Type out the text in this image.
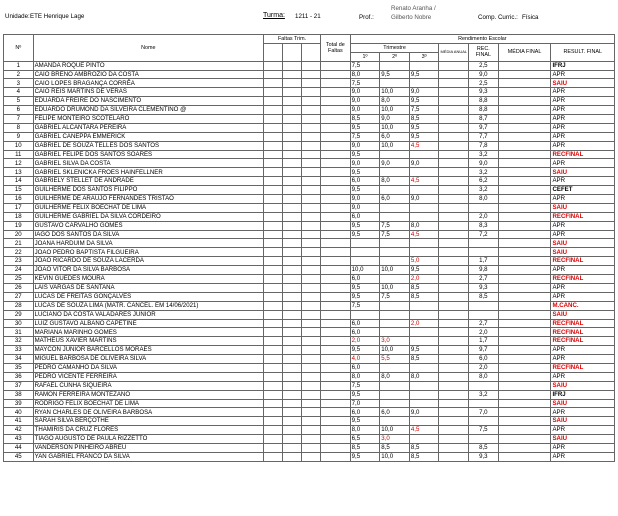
Unidade: ETE Henrique Lage	Turma: 1211 - 21	Prof.:
Renato Aranha /
Gilberto Nobre	Comp. Curric.: Física
Nº	Nome	Faltas Trim.			Total de
Faltas	Rendimento Escolar						
						Trimestre			MÉDIA ANUAL	REC.
FINAL	MÉDIA FINAL	RESULT. FINAL
						1º	2º	3º				
1	AMANDA ROQUE PINTO					7,5				2,5		IFRJ
2	CAIO BRENO AMBROZIO DA COSTA					8,0	9,5	9,5		9,0		APR
3	CAIO LOPES BRAGANÇA CORRÊA					7,5				2,5		SAIU
4	CAIO REIS MARTINS DE VERAS					9,0	10,0	9,0		9,3		APR
5	EDUARDA FREIRE DO NASCIMENTO					9,0	8,0	9,5		8,8		APR
6	EDUARDO DRUMOND DA SILVEIRA CLEMENTINO @					9,0	10,0	7,5		8,8		APR
7	FELIPE MONTEIRO SCOTELARO					8,5	9,0	8,5		8,7		APR
8	GABRIEL ALCANTARA PEREIRA					9,5	10,0	9,5		9,7		APR
9	GABRIEL CANEPPA EMMERICK					7,5	6,0	9,5		7,7		APR
10	GABRIEL DE SOUZA TELLES DOS SANTOS					9,0	10,0	4,5		7,8		APR
11	GABRIEL FELIPE DOS SANTOS SOARES					9,5				3,2		RECFINAL
12	GABRIEL SILVA DA COSTA					9,0	9,0	9,0		9,0		APR
13	GABRIEL SKLENICKA FROES HAINFELLNER					9,5				3,2		SAIU
14	GABRIELY STELLET DE ANDRADE					6,0	8,0	4,5		6,2		APR
15	GUILHERME DOS SANTOS FILIPPO					9,5				3,2		CEFET
16	GUILHERME DE ARAUJO FERNANDES TRISTAO					9,0	6,0	9,0		8,0		APR
17	GUILHERME FELIX BOECHAT DE LIMA					9,0						SAIU
18	GUILHERME GABRIEL DA SILVA CORDEIRO					6,0				2,0		RECFINAL
19	GUSTAVO CARVALHO GOMES					9,5	7,5	8,0		8,3		APR
20	IAGO DOS SANTOS DA SILVA					9,5	7,5	4,5		7,2		APR
21	JOANA HARDUIM DA SILVA											SAIU
22	JOAO PEDRO BAPTISTA FILGUEIRA											SAIU
23	JOAO RICARDO DE SOUZA LACERDA							5,0		1,7		RECFINAL
24	JOAO VITOR DA SILVA BARBOSA					10,0	10,0	9,5		9,8		APR
25	KEVIN GUEDES MOURA					6,0		2,0		2,7		RECFINAL
26	LAIS VARGAS DE SANTANA					9,5	10,0	8,5		9,3		APR
27	LUCAS DE FREITAS GONÇALVES					9,5	7,5	8,5		8,5		APR
28	LUCAS DE SOUZA LIMA (MATR. CANCEL. EM 14/06/2021)					7,5						M.CANC.
29	LUCIANO DA COSTA VALADARES JUNIOR											SAIU
30	LUIZ GUSTAVO ALBANO CAPETINE					6,0		2,0		2,7		RECFINAL
31	MARIANA MARINHO GOMES					6,0				2,0		RECFINAL
32	MATHEUS XAVIER MARTINS					2,0	3,0			1,7		RECFINAL
33	MAYCON JUNIOR BARCELLOS MORAES					9,5	10,0	9,5		9,7		APR
34	MIGUEL BARBOSA DE OLIVEIRA SILVA					4,0	5,5	8,5		6,0		APR
35	PEDRO CAMANHO DA SILVA					6,0				2,0		RECFINAL
36	PEDRO VICENTE FERREIRA					8,0	8,0	8,0		8,0		APR
37	RAFAEL CUNHA SIQUEIRA					7,5						SAIU
38	RAMON FERREIRA MONTEZANO					9,5				3,2		IFRJ
39	RODRIGO FELIX BOECHAT DE LIMA					7,0						SAIU
40	RYAN CHARLES DE OLIVEIRA BARBOSA					6,0	6,0	9,0		7,0		APR
41	SARAH SILVA BERÇOTHE					9,5						SAIU
42	THAMIRIS DA CRUZ FLORES					8,0	10,0	4,5		7,5		APR
43	TIAGO AUGUSTO DE PAULA RIZZETTO					6,5	3,0					SAIU
44	VANDERSON PINHEIRO ABREU					8,5	8,5	8,5		8,5		APR
45	YAN GABRIEL FRANCO DA SILVA					9,5	10,0	8,5		9,3		APR
